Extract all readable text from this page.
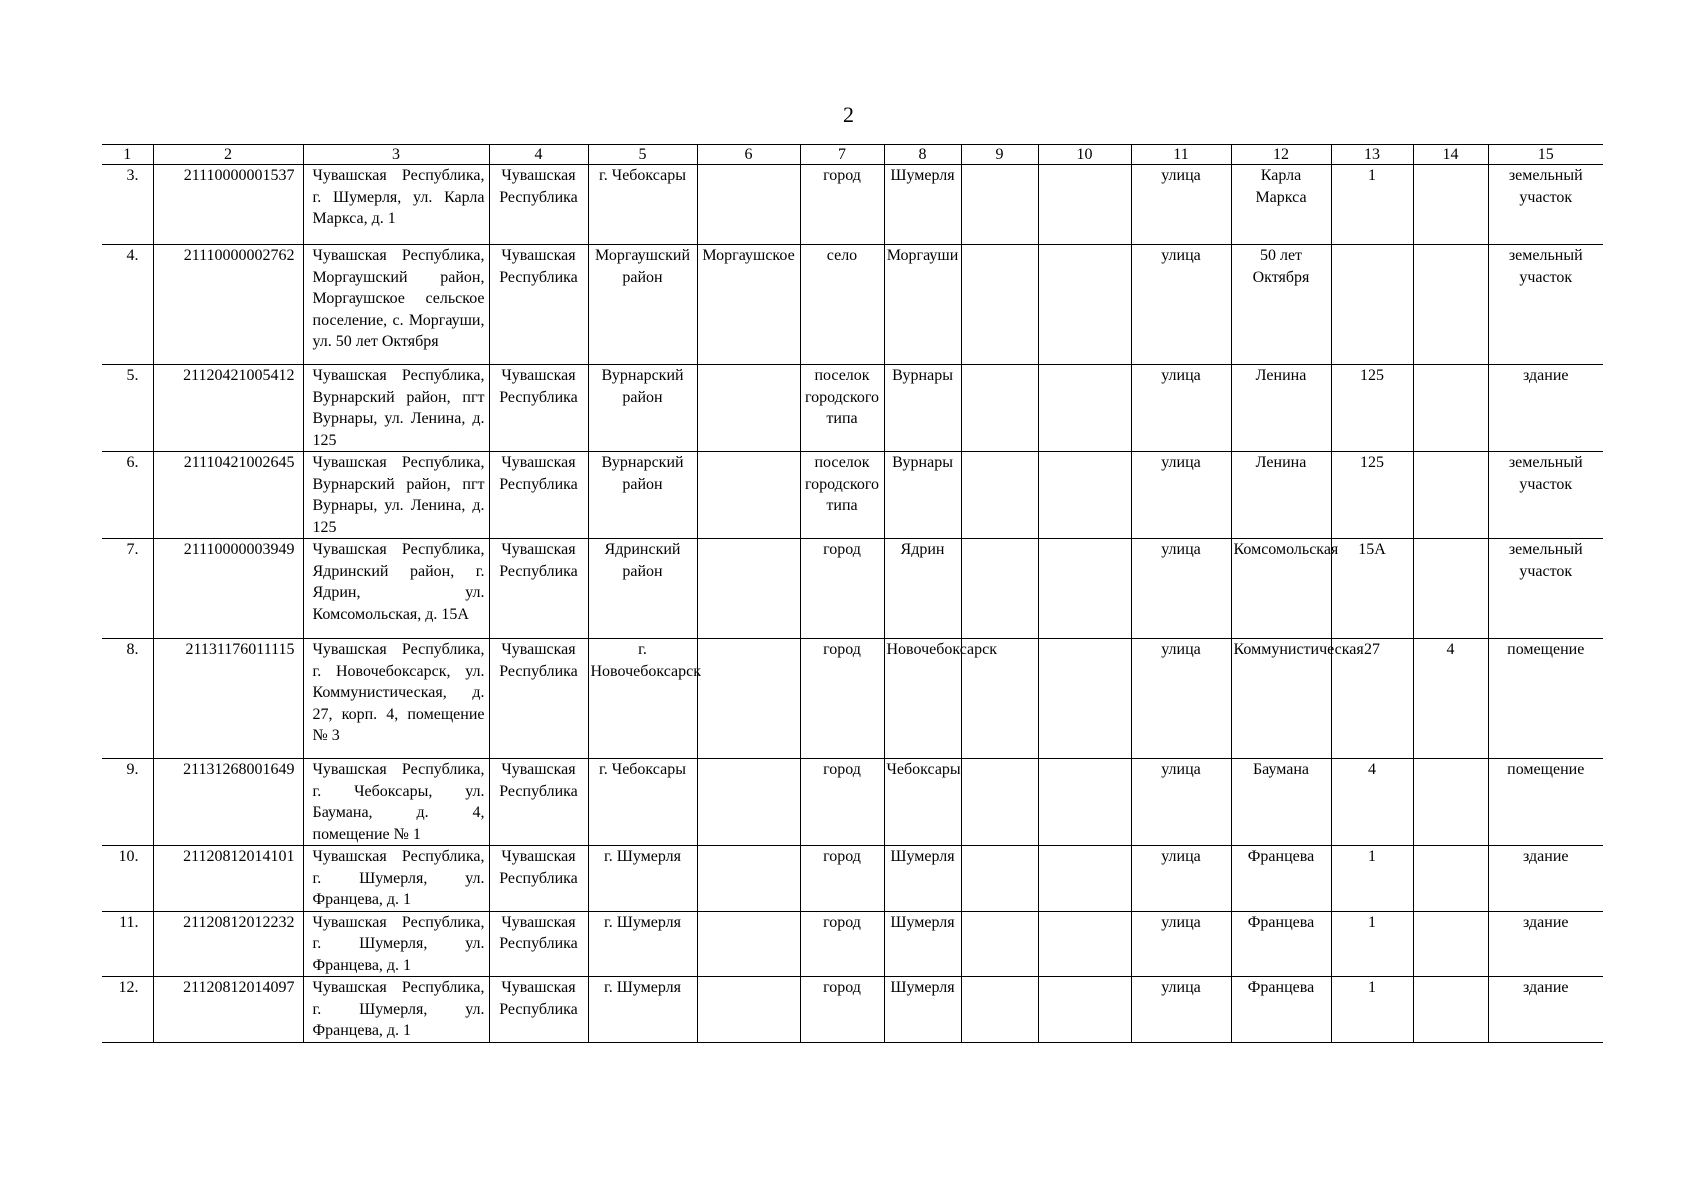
2
1	2	3	4	5	6	7	8	9	10	11	12	13	14	15
3.	21110000001537	Чувашская Республика, г. Шумерля, ул. Карла Маркса, д. 1	Чувашская Республика	г. Чебоксары		город	Шумерля			улица	Карла Маркса	1		земельный участок
4.	21110000002762	Чувашская Республика, Моргаушский район, Моргаушское сельское поселение, с. Моргауши, ул. 50 лет Октября	Чувашская Республика	Моргаушский район	Моргаушское	село	Моргауши			улица	50 лет Октября			земельный участок
5.	21120421005412	Чувашская Республика, Вурнарский район, пгт Вурнары, ул. Ленина, д. 125	Чувашская Республика	Вурнарский район		поселок городского типа	Вурнары			улица	Ленина	125		здание
6.	21110421002645	Чувашская Республика, Вурнарский район, пгт Вурнары, ул. Ленина, д. 125	Чувашская Республика	Вурнарский район		поселок городского типа	Вурнары			улица	Ленина	125		земельный участок
7.	21110000003949	Чувашская Республика, Ядринский район, г. Ядрин, ул. Комсомольская, д. 15А	Чувашская Республика	Ядринский район		город	Ядрин			улица	Комсомольская	15А		земельный участок
8.	21131176011115	Чувашская Республика, г. Новочебоксарск, ул. Коммунистическая, д. 27, корп. 4, помещение № 3	Чувашская Республика	г. Новочебоксарск		город	Новочебоксарск			улица	Коммунистическая	27	4	помещение
9.	21131268001649	Чувашская Республика, г. Чебоксары, ул. Баумана, д. 4, помещение № 1	Чувашская Республика	г. Чебоксары		город	Чебоксары			улица	Баумана	4		помещение
10.	21120812014101	Чувашская Республика, г. Шумерля, ул. Францева, д. 1	Чувашская Республика	г. Шумерля		город	Шумерля			улица	Францева	1		здание
11.	21120812012232	Чувашская Республика, г. Шумерля, ул. Францева, д. 1	Чувашская Республика	г. Шумерля		город	Шумерля			улица	Францева	1		здание
12.	21120812014097	Чувашская Республика, г. Шумерля, ул. Францева, д. 1	Чувашская Республика	г. Шумерля		город	Шумерля			улица	Францева	1		здание
